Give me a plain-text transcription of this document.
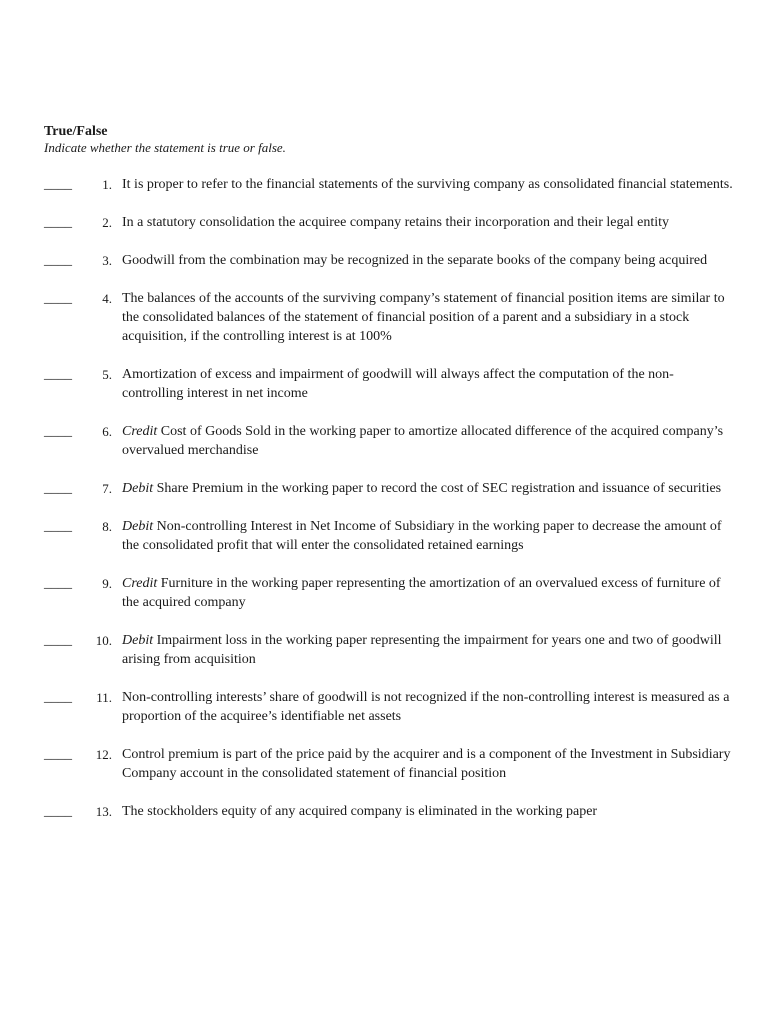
True/False

Indicate whether the statement is true or false.

____	1. It is proper to refer to the financial statements of the surviving company as consolidated financial statements.
____	2. In a statutory consolidation the acquiree company retains their incorporation and their legal entity
____	3. Goodwill from the combination may be recognized in the separate books of the company being acquired
____	4. The balances of the accounts of the surviving company’s statement of financial position items are similar to the consolidated balances of the statement of financial position of a parent and a subsidiary in a stock acquisition, if the controlling interest is at 100%
____	5. Amortization of excess and impairment of goodwill will always affect the computation of the non-controlling interest in net income
____	6. Credit Cost of Goods Sold in the working paper to amortize allocated difference of the acquired company’s overvalued merchandise
____	7. Debit Share Premium in the working paper to record the cost of SEC registration and issuance of securities
____	8. Debit Non-controlling Interest in Net Income of Subsidiary in the working paper to decrease the amount of the consolidated profit that will enter the consolidated retained earnings
____	9. Credit Furniture in the working paper representing the amortization of an overvalued excess of furniture of the acquired company
____	10. Debit Impairment loss in the working paper representing the impairment for years one and two of goodwill arising from acquisition
____	11. Non-controlling interests’ share of goodwill is not recognized if the non-controlling interest is measured as a proportion of the acquiree’s identifiable net assets
____	12. Control premium is part of the price paid by the acquirer and is a component of the Investment in Subsidiary Company account in the consolidated statement of financial position
____	13. The stockholders equity of any acquired company is eliminated in the working paper
